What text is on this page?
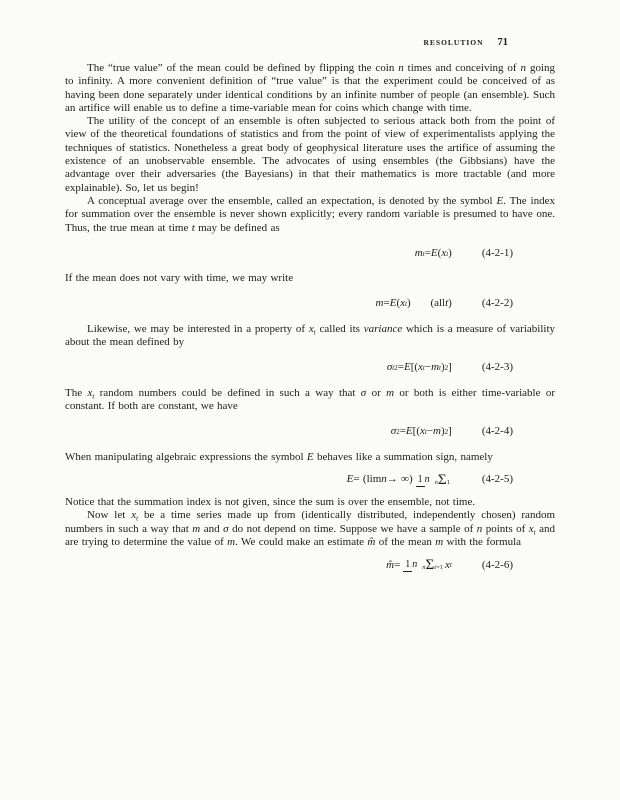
RESOLUTION 71

The “true value” of the mean could be defined by flipping the coin n times and conceiving of n going to infinity. A more convenient definition of “true value” is that the experiment could be conceived of as having been done separately under identical conditions by an infinite number of people (an ensemble). Such an artifice will enable us to define a time-variable mean for coins which change with time.

The utility of the concept of an ensemble is often subjected to serious attack both from the point of view of the theoretical foundations of statistics and from the point of view of experimentalists applying the techniques of statistics. Nonetheless a great body of geophysical literature uses the artifice of assuming the existence of an unobservable ensemble. The advocates of using ensembles (the Gibbsians) have the advantage over their adversaries (the Bayesians) in that their mathematics is more tractable (and more explainable). So, let us begin!

A conceptual average over the ensemble, called an expectation, is denoted by the symbol E. The index for summation over the ensemble is never shown explicitly; every random variable is presumed to have one. Thus, the true mean at time t may be defined as

m t = E ( x t )	(4-2-1)

If the mean does not vary with time, we may write

m = E ( x t ) (all t )	(4-2-2)

Likewise, we may be interested in a property of $x_t$ called its variance which is a measure of variability about the mean defined by

σ t 2 = E [( x t − m t ) 2 ]	(4-2-3)

The $x_t$ random numbers could be defined in such a way that σ or m or both is either time-variable or constant. If both are constant, we have

σ 2 = E [( x t − m ) 2 ]	(4-2-4)

When manipulating algebraic expressions the symbol E behaves like a summation sign, namely

E = (lim n → ∞) 1 n nΣ1	(4-2-5)

Notice that the summation index is not given, since the sum is over the ensemble, not time.

Now let $x_t$ be a time series made up from (identically distributed, independently chosen) random numbers in such a way that m and σ do not depend on time. Suppose we have a sample of n points of $x_t$ and are trying to determine the value of m. We could make an estimate m̂ of the mean m with the formula

m̂ = 1 n nΣt=1 x t	(4-2-6)
